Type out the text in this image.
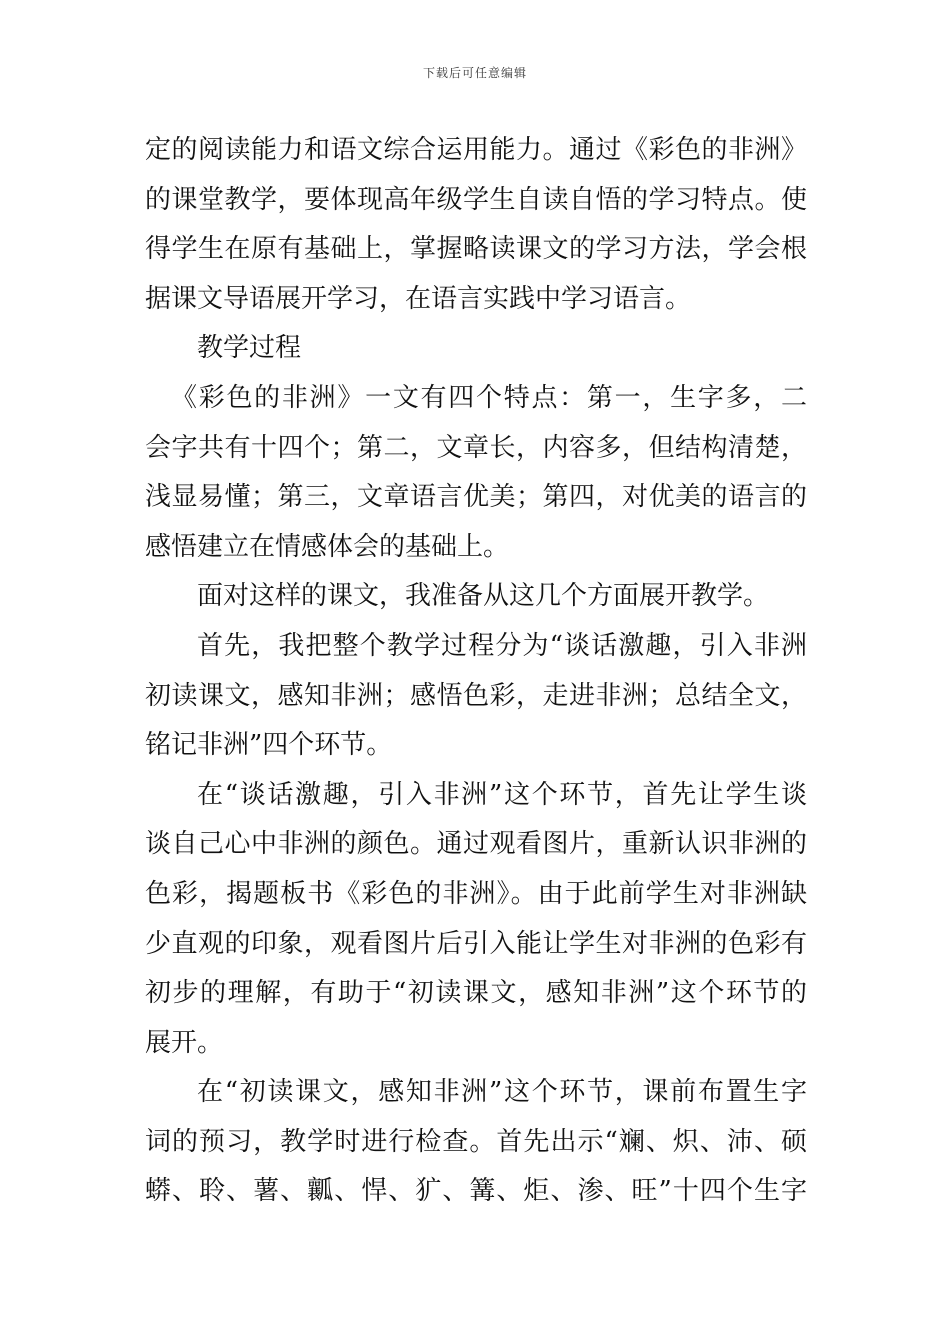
下载后可任意编辑
定的阅读能力和语文综合运用能力。通过《彩色的非洲》
的课堂教学，要体现高年级学生自读自悟的学习特点。使
得学生在原有基础上，掌握略读课文的学习方法，学会根
据课文导语展开学习，在语言实践中学习语言。
教学过程
《彩色的非洲》一文有四个特点：第一，生字多，二
会字共有十四个；第二，文章长，内容多，但结构清楚，
浅显易懂；第三，文章语言优美；第四，对优美的语言的
感悟建立在情感体会的基础上。
面对这样的课文，我准备从这几个方面展开教学。
首先，我把整个教学过程分为“谈话激趣，引入非洲
初读课文，感知非洲；感悟色彩，走进非洲；总结全文，
铭记非洲”四个环节。
在“谈话激趣，引入非洲”这个环节，首先让学生谈
谈自己心中非洲的颜色。通过观看图片，重新认识非洲的
色彩，揭题板书《彩色的非洲》。由于此前学生对非洲缺
少直观的印象，观看图片后引入能让学生对非洲的色彩有
初步的理解，有助于“初读课文，感知非洲”这个环节的
展开。
在“初读课文，感知非洲”这个环节，课前布置生字
词的预习，教学时进行检查。首先出示“斓、炽、沛、硕
蟒、聆、薯、瓤、悍、犷、篝、炬、渗、旺”十四个生字
